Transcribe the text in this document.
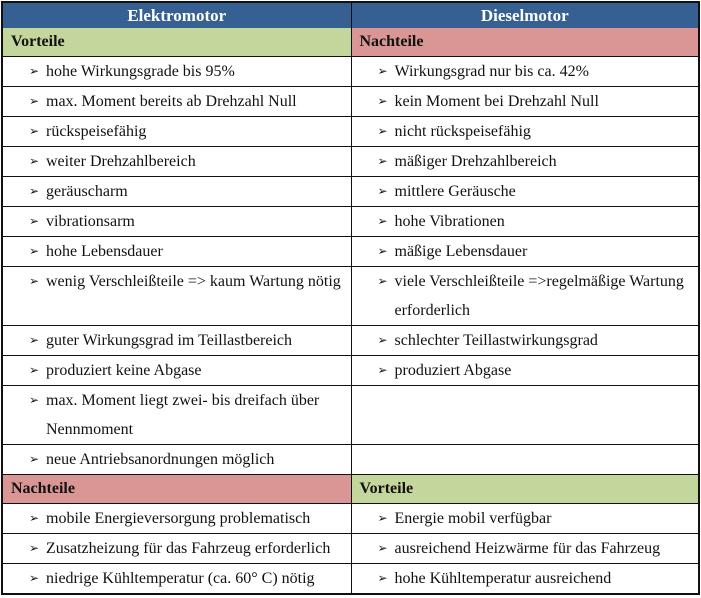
Elektromotor	Dieselmotor
Vorteile	Nachteile
➢ hohe Wirkungsgrade bis 95%	➢ Wirkungsgrad nur bis ca. 42%
➢ max. Moment bereits ab Drehzahl Null	➢ kein Moment bei Drehzahl Null
➢ rückspeisefähig	➢ nicht rückspeisefähig
➢ weiter Drehzahlbereich	➢ mäßiger Drehzahlbereich
➢ geräuscharm	➢ mittlere Geräusche
➢ vibrationsarm	➢ hohe Vibrationen
➢ hohe Lebensdauer	➢ mäßige Lebensdauer
➢ wenig Verschleißteile => kaum Wartung nötig	➢ viele Verschleißteile =>regelmäßige Wartung erforderlich
➢ guter Wirkungsgrad im Teillastbereich	➢ schlechter Teillastwirkungsgrad
➢ produziert keine Abgase	➢ produziert Abgase
➢ max. Moment liegt zwei- bis dreifach über Nennmoment
➢ neue Antriebsanordnungen möglich
Nachteile	Vorteile
➢ mobile Energieversorgung problematisch	➢ Energie mobil verfügbar
➢ Zusatzheizung für das Fahrzeug erforderlich	➢ ausreichend Heizwärme für das Fahrzeug
➢ niedrige Kühltemperatur (ca. 60° C) nötig	➢ hohe Kühltemperatur ausreichend
